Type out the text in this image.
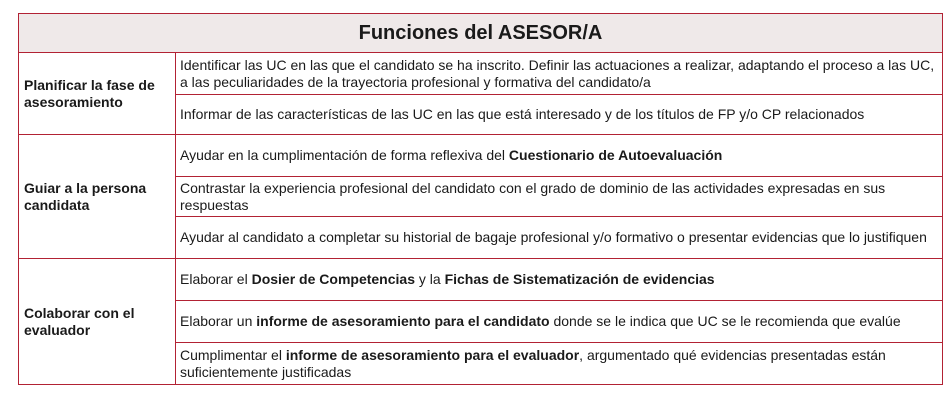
Funciones del ASESOR/A	
Planificar la fase de asesoramiento	Identificar las UC en las que el candidato se ha inscrito. Definir las actuaciones a realizar, adaptando el proceso a las UC, a las peculiaridades de la trayectoria profesional y formativa del candidato/a
	Informar de las características de las UC en las que está interesado y de los títulos de FP y/o CP relacionados
Guiar a la persona candidata	Ayudar en la cumplimentación de forma reflexiva del Cuestionario de Autoevaluación
	Contrastar la experiencia profesional del candidato con el grado de dominio de las actividades expresadas en sus respuestas
	Ayudar al candidato a completar su historial de bagaje profesional y/o formativo o presentar evidencias que lo justifiquen
Colaborar con el evaluador	Elaborar el Dosier de Competencias y la Fichas de Sistematización de evidencias
	Elaborar un informe de asesoramiento para el candidato donde se le indica que UC se le recomienda que evalúe
	Cumplimentar el informe de asesoramiento para el evaluador, argumentado qué evidencias presentadas están suficientemente justificadas
